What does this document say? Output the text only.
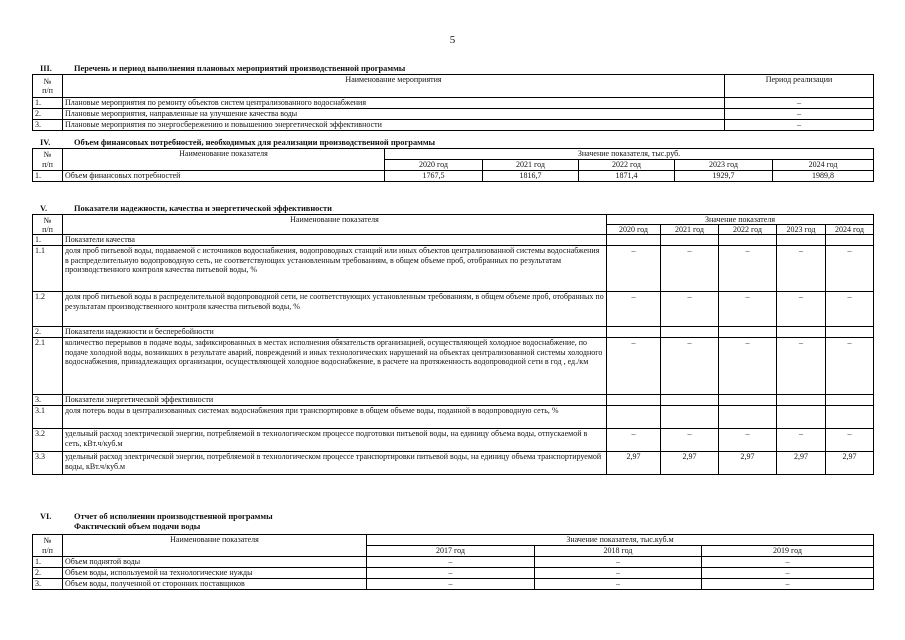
5
III.	Перечень и период выполнения плановых мероприятий производственной программы
№
п/п	Наименование мероприятия	Период реализации
1.	Плановые мероприятия по ремонту объектов систем централизованного водоснабжения	–
2.	Плановые мероприятия, направленные на улучшение качества воды	–
3.	Плановые мероприятия по энергосбережению и повышению энергетической эффективности	–
IV.	Объем финансовых потребностей, необходимых для реализации производственной программы
№
п/п	Наименование показателя	Значение показателя, тыс.руб.				
		2020 год	2021 год	2022 год	2023 год	2024 год
1.	Объем финансовых потребностей	1767,5	1816,7	1871,4	1929,7	1989,8
V.	Показатели надежности, качества и энергетической эффективности
№
п/п	Наименование показателя	Значение показателя				
		2020 год	2021 год	2022 год	2023 год	2024 год
1.	Показатели качества					
1.1	доля проб питьевой воды, подаваемой с источников водоснабжения, водопроводных станций или иных объектов централизованной системы водоснабжения в распределительную водопроводную сеть, не соответствующих установленным требованиям, в общем объеме проб, отобранных по результатам производственного контроля качества питьевой воды, %	–	–	–	–	–
1.2	доля проб питьевой воды в распределительной водопроводной сети, не соответствующих установленным требованиям, в общем объеме проб, отобранных по результатам производственного контроля качества питьевой воды, %	–	–	–	–	–
2.	Показатели надежности и бесперебойности					
2.1	количество перерывов в подаче воды, зафиксированных в местах исполнения обязательств организацией, осуществляющей холодное водоснабжение, по подаче холодной воды, возникших в результате аварий, повреждений и иных технологических нарушений на объектах централизованной системы холодного водоснабжения, принадлежащих организации, осуществляющей холодное водоснабжение, в расчете на протяженность водопроводной сети в год , ед./км	–	–	–	–	–
3.	Показатели энергетической эффективности					
3.1	доля потерь воды в централизованных системах водоснабжения при транспортировке в общем объеме воды, поданной в водопроводную сеть, %					
3.2	удельный расход электрической энергии, потребляемой в технологическом процессе подготовки питьевой воды, на единицу объема воды, отпускаемой в сеть, кВт.ч/куб.м	–	–	–	–	–
3.3	удельный расход электрической энергии, потребляемой в технологическом процессе транспортировки питьевой воды, на единицу объема транспортируемой воды, кВт.ч/куб.м	2,97	2,97	2,97	2,97	2,97
VI.	Отчет об исполнении производственной программы
Фактический объем подачи воды
№
п/п	Наименование показателя	Значение показателя, тыс.куб.м		
		2017 год	2018 год	2019 год
1.	Объем поднятой воды	–	–	–
2.	Объем воды, используемой на технологические нужды	–	–	–
3.	Объем воды, полученной от сторонних поставщиков	–	–	–
